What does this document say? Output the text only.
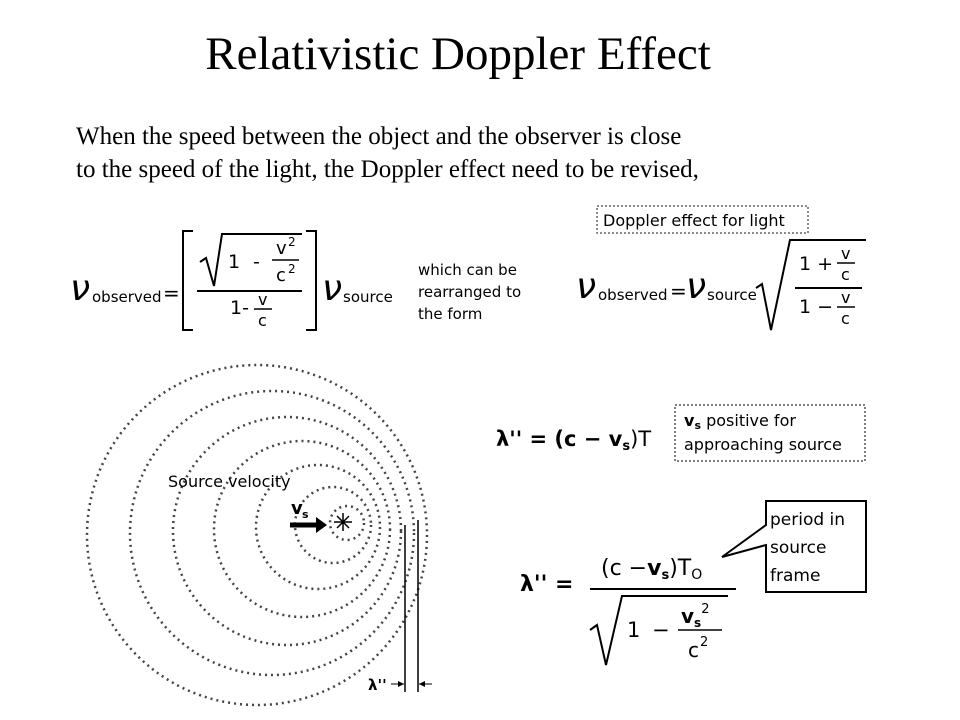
Relativistic Doppler Effect
When the speed between the object and the observer is close
to the speed of the light, the Doppler effect need to be revised,
ν observed =
1 -
v 2
c 2
1- v
c
ν source
which can be
rearranged to
the form
Doppler effect for light
ν observed = ν source
1 + v
c
1 − v
c
Source velocity
v s
λ''
λ'' = (c − vs)T
vs positive for
approaching source
λ'' =
(c −vs)TO
1 −
$v_s^2$
c 2
period in
source
frame
